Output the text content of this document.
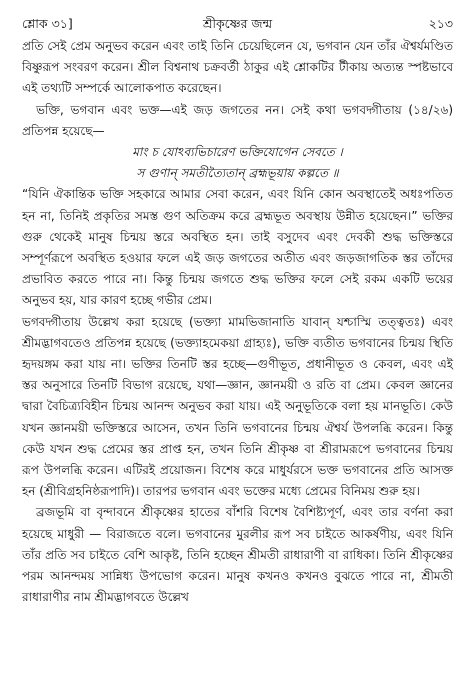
শ্লোক ৩১]	শ্রীকৃষ্ণের জন্ম	২১৩

প্রতি সেই প্রেম অনুভব করেন এবং তাই তিনি চেয়েছিলেন যে, ভগবান যেন তাঁর ঐশ্বর্যমণ্ডিত বিষ্ণুরূপ সংবরণ করেন। শ্রীল বিশ্বনাথ চক্রবর্তী ঠাকুর এই শ্লোকটির টীকায় অত্যন্ত স্পষ্টভাবে এই তথ্যটি সম্পর্কে আলোকপাত করেছেন।

ভক্তি, ভগবান এবং ভক্ত—এই জড় জগতের নন। সেই কথা ভগবদ্গীতায় (১৪/২৬) প্রতিপন্ন হয়েছে—

মাং চ যোঽব্যভিচারেণ ভক্তিযোগেন সেবতে ।
স গুণান্ সমতীত্যৈতান্ ব্রহ্মভূয়ায় কল্পতে ॥

“যিনি ঐকান্তিক ভক্তি সহকারে আমার সেবা করেন, এবং যিনি কোন অবস্থাতেই অধঃপতিত হন না, তিনিই প্রকৃতির সমস্ত গুণ অতিক্রম করে ব্রহ্মভূত অবস্থায় উন্নীত হয়েছেন।” ভক্তির গুরু থেকেই মানুষ চিন্ময় স্তরে অবস্থিত হন। তাই বসুদেব এবং দেবকী শুদ্ধ ভক্তিস্তরে সম্পূর্ণরূপে অবস্থিত হওয়ার ফলে এই জড় জগতের অতীত এবং জড়জাগতিক স্তর তাঁদের প্রভাবিত করতে পারে না। কিন্তু চিন্ময় জগতে শুদ্ধ ভক্তির ফলে সেই রকম একটি ভয়ের অনুভব হয়, যার কারণ হচ্ছে গভীর প্রেম।

ভগবদ্গীতায় উল্লেখ করা হয়েছে (ভক্ত্যা মামভিজানাতি যাবান্ যশ্চাস্মি তত্ত্বতঃ) এবং শ্রীমদ্ভাগবতেও প্রতিপন্ন হয়েছে (ভক্ত্যাহমেকয়া গ্রাহ্যঃ), ভক্তি ব্যতীত ভগবানের চিন্ময় স্থিতি হৃদয়ঙ্গম করা যায় না। ভক্তির তিনটি স্তর হচ্ছে—গুণীভূত, প্রধানীভূত ও কেবল, এবং এই স্তর অনুসারে তিনটি বিভাগ রয়েছে, যথা—জ্ঞান, জ্ঞানময়ী ও রতি বা প্রেম। কেবল জ্ঞানের দ্বারা বৈচিত্র্যবিহীন চিন্ময় আনন্দ অনুভব করা যায়। এই অনুভূতিকে বলা হয় মানভূতি। কেউ যখন জ্ঞানময়ী ভক্তিস্তরে আসেন, তখন তিনি ভগবানের চিন্ময় ঐশ্বর্য উপলব্ধি করেন। কিন্তু কেউ যখন শুদ্ধ প্রেমের স্তর প্রাপ্ত হন, তখন তিনি শ্রীকৃষ্ণ বা শ্রীরামরূপে ভগবানের চিন্ময় রূপ উপলব্ধি করেন। এটিরই প্রয়োজন। বিশেষ করে মাধুর্যরসে ভক্ত ভগবানের প্রতি আসক্ত হন (শ্রীবিগ্রহনিষ্ঠরূপাদি)। তারপর ভগবান এবং ভক্তের মধ্যে প্রেমের বিনিময় শুরু হয়।

ব্রজভূমি বা বৃন্দাবনে শ্রীকৃষ্ণের হাতের বাঁশরি বিশেষ বৈশিষ্ট্যপূর্ণ, এবং তার বর্ণনা করা হয়েছে মাধুরী — বিরাজতে বলে। ভগবানের মুরলীর রূপ সব চাইতে আকর্ষণীয়, এবং যিনি তাঁর প্রতি সব চাইতে বেশি আকৃষ্ট, তিনি হচ্ছেন শ্রীমতী রাধারাণী বা রাধিকা। তিনি শ্রীকৃষ্ণের পরম আনন্দময় সান্নিধ্য উপভোগ করেন। মানুষ কখনও কখনও বুঝতে পারে না, শ্রীমতী রাধারাণীর নাম শ্রীমদ্ভাগবতে উল্লেখ
